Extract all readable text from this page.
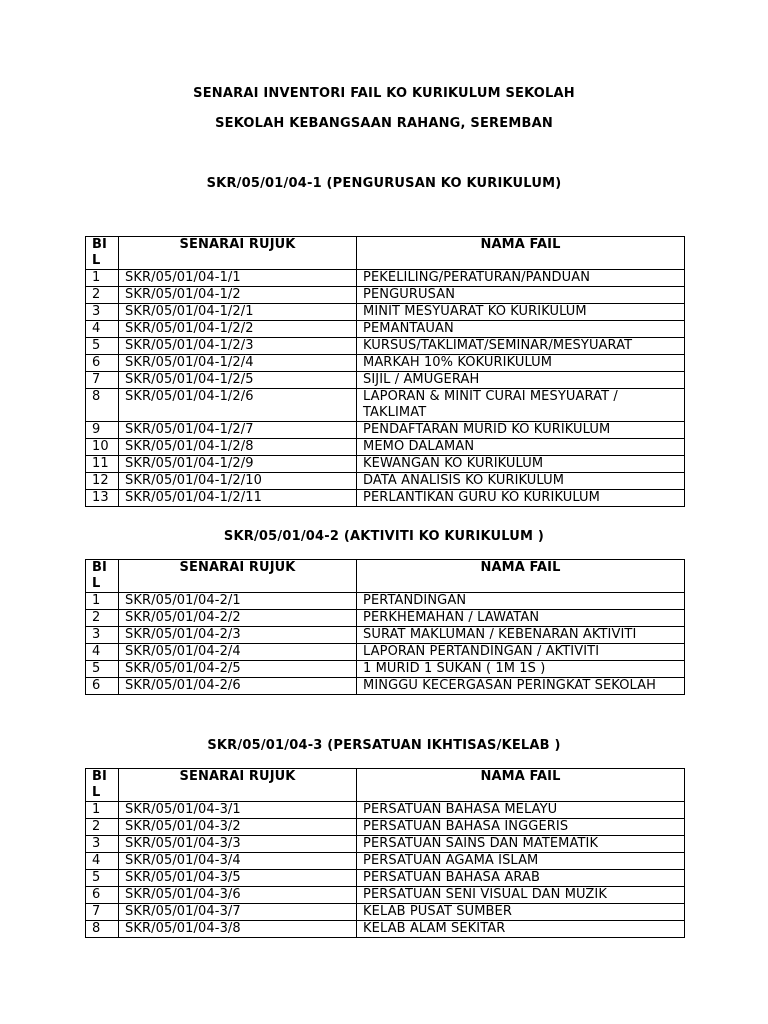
SENARAI INVENTORI FAIL KO KURIKULUM SEKOLAH
SEKOLAH KEBANGSAAN RAHANG, SEREMBAN
SKR/05/01/04-1 (PENGURUSAN KO KURIKULUM)
BI
L	SENARAI RUJUK	NAMA FAIL
1	SKR/05/01/04-1/1	PEKELILING/PERATURAN/PANDUAN
2	SKR/05/01/04-1/2	PENGURUSAN
3	SKR/05/01/04-1/2/1	MINIT MESYUARAT KO KURIKULUM
4	SKR/05/01/04-1/2/2	PEMANTAUAN
5	SKR/05/01/04-1/2/3	KURSUS/TAKLIMAT/SEMINAR/MESYUARAT
6	SKR/05/01/04-1/2/4	MARKAH 10% KOKURIKULUM
7	SKR/05/01/04-1/2/5	SIJIL / AMUGERAH
8	SKR/05/01/04-1/2/6	LAPORAN & MINIT CURAI MESYUARAT / TAKLIMAT
9	SKR/05/01/04-1/2/7	PENDAFTARAN MURID KO KURIKULUM
10	SKR/05/01/04-1/2/8	MEMO DALAMAN
11	SKR/05/01/04-1/2/9	KEWANGAN KO KURIKULUM
12	SKR/05/01/04-1/2/10	DATA ANALISIS KO KURIKULUM
13	SKR/05/01/04-1/2/11	PERLANTIKAN GURU KO KURIKULUM
SKR/05/01/04-2 (AKTIVITI KO KURIKULUM )
BI
L	SENARAI RUJUK	NAMA FAIL
1	SKR/05/01/04-2/1	PERTANDINGAN
2	SKR/05/01/04-2/2	PERKHEMAHAN / LAWATAN
3	SKR/05/01/04-2/3	SURAT MAKLUMAN / KEBENARAN AKTIVITI
4	SKR/05/01/04-2/4	LAPORAN PERTANDINGAN / AKTIVITI
5	SKR/05/01/04-2/5	1 MURID 1 SUKAN ( 1M 1S )
6	SKR/05/01/04-2/6	MINGGU KECERGASAN PERINGKAT SEKOLAH
SKR/05/01/04-3 (PERSATUAN IKHTISAS/KELAB )
BI
L	SENARAI RUJUK	NAMA FAIL
1	SKR/05/01/04-3/1	PERSATUAN BAHASA MELAYU
2	SKR/05/01/04-3/2	PERSATUAN BAHASA INGGERIS
3	SKR/05/01/04-3/3	PERSATUAN SAINS DAN MATEMATIK
4	SKR/05/01/04-3/4	PERSATUAN AGAMA ISLAM
5	SKR/05/01/04-3/5	PERSATUAN BAHASA ARAB
6	SKR/05/01/04-3/6	PERSATUAN SENI VISUAL DAN MUZIK
7	SKR/05/01/04-3/7	KELAB PUSAT SUMBER
8	SKR/05/01/04-3/8	KELAB ALAM SEKITAR
